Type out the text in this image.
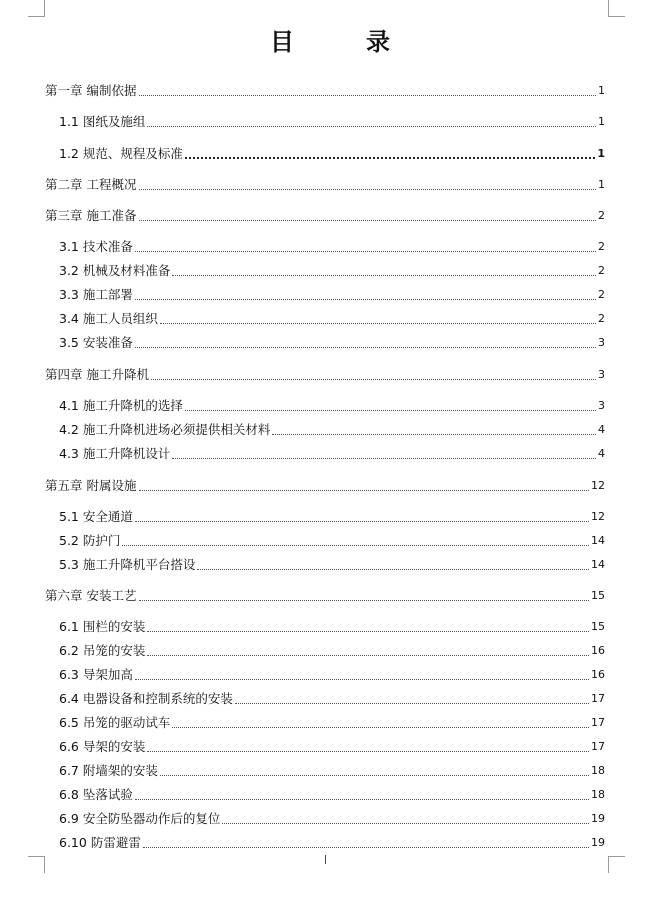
目　录
第一章 编制依据	1
1.1 图纸及施组	1
1.2 规范、规程及标准	1
第二章 工程概况	1
第三章 施工准备	2
3.1 技术准备	2
3.2 机械及材料准备	2
3.3 施工部署	2
3.4 施工人员组织	2
3.5 安装准备	3
第四章 施工升降机	3
4.1 施工升降机的选择	3
4.2 施工升降机进场必须提供相关材料	4
4.3 施工升降机设计	4
第五章 附属设施	12
5.1 安全通道	12
5.2 防护门	14
5.3 施工升降机平台搭设	14
第六章 安装工艺	15
6.1 围栏的安装	15
6.2 吊笼的安装	16
6.3 导架加高	16
6.4 电器设备和控制系统的安装	17
6.5 吊笼的驱动试车	17
6.6 导架的安装	17
6.7 附墙架的安装	18
6.8 坠落试验	18
6.9 安全防坠器动作后的复位	19
6.10 防雷避雷	19
